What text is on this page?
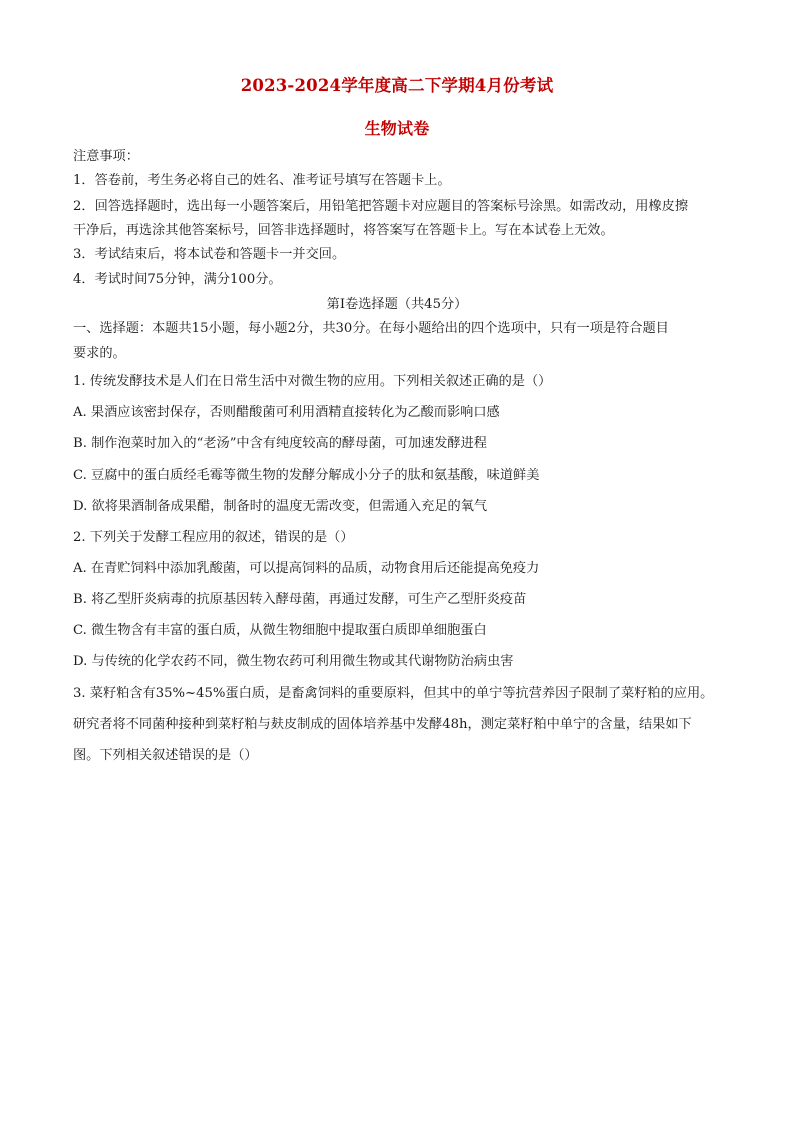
2023-2024学年度高二下学期4月份考试
生物试卷
注意事项：
1．答卷前，考生务必将自己的姓名、准考证号填写在答题卡上。
2．回答选择题时，选出每一小题答案后，用铅笔把答题卡对应题目的答案标号涂黑。如需改动，用橡皮擦
干净后，再选涂其他答案标号，回答非选择题时，将答案写在答题卡上。写在本试卷上无效。
3．考试结束后，将本试卷和答题卡一并交回。
4．考试时间75分钟，满分100分。
第Ⅰ卷选择题（共45分）
一、选择题：本题共15小题，每小题2分，共30分。在每小题给出的四个选项中，只有一项是符合题目
要求的。
1. 传统发酵技术是人们在日常生活中对微生物的应用。下列相关叙述正确的是（）
A. 果酒应该密封保存，否则醋酸菌可利用酒精直接转化为乙酸而影响口感
B. 制作泡菜时加入的“老汤”中含有纯度较高的酵母菌，可加速发酵进程
C. 豆腐中的蛋白质经毛霉等微生物的发酵分解成小分子的肽和氨基酸，味道鲜美
D. 欲将果酒制备成果醋，制备时的温度无需改变，但需通入充足的氧气
2. 下列关于发酵工程应用的叙述，错误的是（）
A. 在青贮饲料中添加乳酸菌，可以提高饲料的品质，动物食用后还能提高免疫力
B. 将乙型肝炎病毒的抗原基因转入酵母菌，再通过发酵，可生产乙型肝炎疫苗
C. 微生物含有丰富的蛋白质，从微生物细胞中提取蛋白质即单细胞蛋白
D. 与传统的化学农药不同，微生物农药可利用微生物或其代谢物防治病虫害
3. 菜籽粕含有35%~45%蛋白质，是畜禽饲料的重要原料，但其中的单宁等抗营养因子限制了菜籽粕的应用。
研究者将不同菌种接种到菜籽粕与麸皮制成的固体培养基中发酵48h，测定菜籽粕中单宁的含量，结果如下
图。下列相关叙述错误的是（）
